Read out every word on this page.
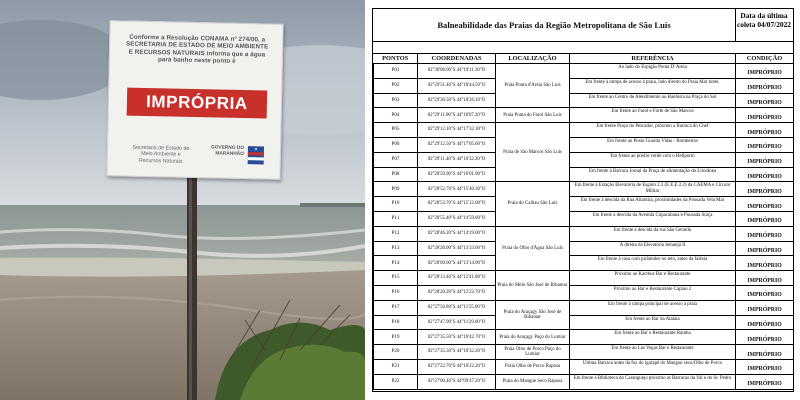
Conforme a Resolução CONAMA nº 274/00, a SECRETARIA DE ESTADO DE MEIO AMBIENTE E RECURSOS NATURAIS informa que a água para banho neste ponto é
IMPRÓPRIA
Secretaria de Estado de Meio Ambiente e Recursos Naturais
GOVERNO DO MARANHÃO
Balneabilidade das Praias da Região Metropolitana de São Luís
Data da última coleta 04/07/2022
PONTOS	COORDENADAS	LOCALIZAÇÃO	REFERÊNCIA	CONDIÇÃO
P01	02°30'08.00"S 44°19'11.30"O	Praia Ponta d'Areia São Luís	Ao lado do Espigão Ponta D' Areia	IMPRÓPRIO
P02	02°29'51.40"S 44°18'44.50"O		Em frente à rampa de acesso à praia, lado direito do Praia Mar hotel.	IMPRÓPRIO
P03	02°29'30.50"S 44°18'26.10"O		Em frente ao Centro de Atendimento ao Banhista na Praça do Sol	IMPRÓPRIO
P04	02°29'11.00"S 44°18'07.20"O	Praia Ponta do Farol São Luís	Em frente ao Farol e Forte de São Marcos	IMPRÓPRIO
P05	02°29'12.10"S 44°17'32.30"O	Praia de São Marcos São Luís	Em frente Praça do Pescador, próximo a Barraca do Chef	IMPRÓPRIO
P06	02°29'12.50"S 44°17'05.60"O		Em frente ao Posto Guarda Vidas - Bombeiros	IMPRÓPRIO
P07	02°29'11.40"S 44°16'32.20"O		Em frente ao prédio verde com o Heliporto	IMPRÓPRIO
P08	02°28'59.90"S 44°16'01.90"O		Em frente à Barraca Jornal da Praça de alimentação do Litorânea	IMPRÓPRIO
P09	02°28'52.70"S 44°15'40.30"O	Praia do Calhau São Luís	Em frente à Estação Elevatória de Esgoto 2.2 (E.E.E 2.2) da CAEMA e Círculo Militar	IMPRÓPRIO
P10	02°28'53.70"S 44°15'12.60"O		Em frente à descida da Rua Altamira, proximidades da Pousada Vela Mar	IMPRÓPRIO
P11	02°28'55.40"S 44°14'59.60"O		Em frente à descida da Avenida Copacabana e Pousada Suíça	IMPRÓPRIO
P12	02°28'46.20"S 44°14'19.00"O	Praia do Olho d'Água São Luís	Em frente à descida da rua São Geraldo	IMPRÓPRIO
P13	02°28'20.00"S 44°13'33.60"O		À direita da Elevatória Iemanjá II	IMPRÓPRIO
P14	02°28'00.00"S 44°13'14.90"O		Em frente à casa com pirâmides no teto, antes da falésia	IMPRÓPRIO
P15	02°28'13.40"S 44°12'41.80"O	Praia do Meio São José de Ribamar	Próximo ao Kacthus Bar e Restaurante	IMPRÓPRIO
P16	02°28'20.20"S 44°12'22.70"O		Próximo ao Bar e Restaurante Capiau 2	IMPRÓPRIO
P17	02°27'50.80"S 44°11'55.00"O	Praia do Araçagy São José de Ribamar	Em frente à rampa principal de acesso à praia	IMPRÓPRIO
P18	02°27'47.90"S 44°11'29.00"O		Em frente ao Bar da Atalaia	IMPRÓPRIO
P19	02°27'35.50"S 44°10'42.70"O	Praia do Araçagy Paço do Lumiar	Em frente ao Bar e Restaurante Rainha	IMPRÓPRIO
P20	02°27'35.50"S 44°10'32.20"O	Praia Olho de Porco Paço do Lumiar	Em frente ao Las Vegas Bar e Restaurante	IMPRÓPRIO
P21	02°27'22.70"S 44°10'22.20"O	Praia Olho de Porco Raposa	Última Barraca antes da foz do igarapé do Mangue seco/Olho de Porco	IMPRÓPRIO
P22	02°27'00.40"S 44°09'47.20"O	Praia do Mangue Seco Raposa	Em frente à Biblioteca do Caranguejo próximo as Barracas da Val e do Sr. Pedro	IMPRÓPRIO
